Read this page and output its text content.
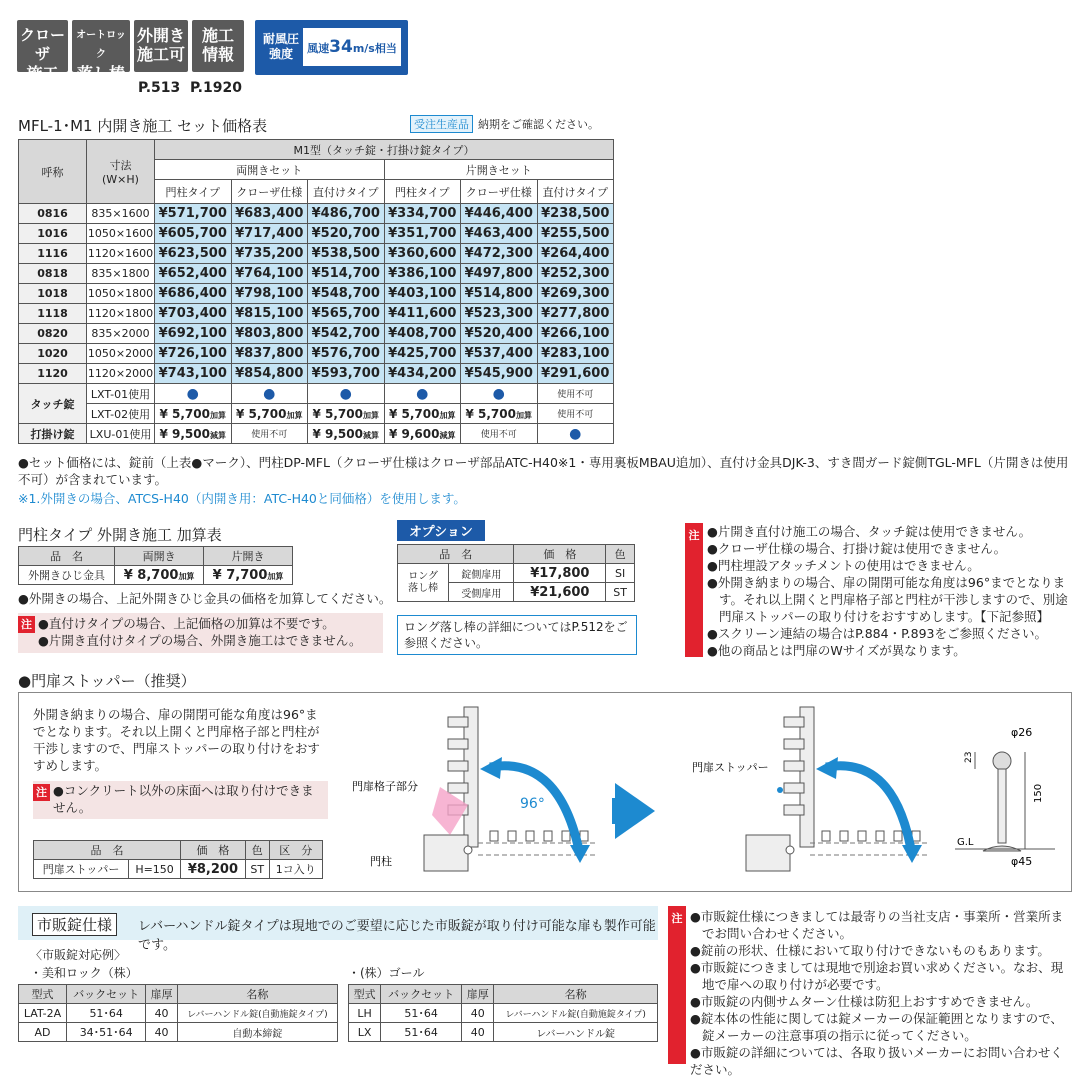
クローザ
施工
オートロック
落し棒
外開き
施工可
施工
情報
耐風圧
強度	風速34m/s相当
P.513  P.1920
MFL-1･M1 内開き施工 セット価格表	受注生産品 納期をご確認ください。
呼称	寸法
(W×H)	M1型（タッチ錠・打掛け錠タイプ）					
		両開きセット			片開きセット		
		門柱タイプ	クローザ仕様	直付けタイプ	門柱タイプ	クローザ仕様	直付けタイプ
0816	835×1600	¥571,700	¥683,400	¥486,700	¥334,700	¥446,400	¥238,500
1016	1050×1600	¥605,700	¥717,400	¥520,700	¥351,700	¥463,400	¥255,500
1116	1120×1600	¥623,500	¥735,200	¥538,500	¥360,600	¥472,300	¥264,400
0818	835×1800	¥652,400	¥764,100	¥514,700	¥386,100	¥497,800	¥252,300
1018	1050×1800	¥686,400	¥798,100	¥548,700	¥403,100	¥514,800	¥269,300
1118	1120×1800	¥703,400	¥815,100	¥565,700	¥411,600	¥523,300	¥277,800
0820	835×2000	¥692,100	¥803,800	¥542,700	¥408,700	¥520,400	¥266,100
1020	1050×2000	¥726,100	¥837,800	¥576,700	¥425,700	¥537,400	¥283,100
1120	1120×2000	¥743,100	¥854,800	¥593,700	¥434,200	¥545,900	¥291,600
タッチ錠	LXT-01使用	●	●	●	●	●	使用不可
	LXT-02使用	¥ 5,700加算	¥ 5,700加算	¥ 5,700加算	¥ 5,700加算	¥ 5,700加算	使用不可
打掛け錠	LXU-01使用	¥ 9,500減算	使用不可	¥ 9,500減算	¥ 9,600減算	使用不可	●
●セット価格には、錠前（上表●マーク）、門柱DP-MFL（クローザ仕様はクローザ部品ATC-H40※1・専用裏板MBAU追加）、直付け金具DJK-3、すき間ガード錠側TGL-MFL（片開きは使用不可）が含まれています。
※1.外開きの場合、ATCS-H40（内開き用：ATC-H40と同価格）を使用します。
門柱タイプ 外開き施工 加算表
品　名	両開き	片開き
外開きひじ金具	¥ 8,700加算	¥ 7,700加算
●外開きの場合、上記外開きひじ金具の価格を加算してください。
注 ●直付けタイプの場合、上記価格の加算は不要です。
●片開き直付けタイプの場合、外開き施工はできません。
オプション
品　名		価　格	色
ロング
落し棒	錠側扉用	¥17,800	SI
	受側扉用	¥21,600	ST
ロング落し棒の詳細についてはP.512をご参照ください。
注 ●片開き直付け施工の場合、タッチ錠は使用できません。
●クローザ仕様の場合、打掛け錠は使用できません。
●門柱埋設アタッチメントの使用はできません。
●外開き納まりの場合、扉の開閉可能な角度は96°までとなります。それ以上開くと門扉格子部と門柱が干渉しますので、別途門扉ストッパーの取り付けをおすすめします。【下記参照】
●スクリーン連結の場合はP.884・P.893をご参照ください。
●他の商品とは門扉のWサイズが異なります。
●門扉ストッパー（推奨）
外開き納まりの場合、扉の開閉可能な角度は96°までとなります。それ以上開くと門扉格子部と門柱が干渉しますので、門扉ストッパーの取り付けをおすすめします。
注 ●コンクリート以外の床面へは取り付けできません。
品　名		価　格	色	区　分
門扉ストッパー	H=150	¥8,200	ST	1コ入り
門扉格子部分
96°
門柱
門扉ストッパー
φ26
23
150
G.L
φ45
市販錠仕様	レバーハンドル錠タイプは現地でのご要望に応じた市販錠が取り付け可能な扉も製作可能です。
〈市販錠対応例〉
・美和ロック（株）	・(株）ゴール
型式	バックセット	扉厚	名称
LAT-2A	51･64	40	レバーハンドル錠(自動施錠タイプ)
AD	34･51･64	40	自動本締錠
型式	バックセット	扉厚	名称
LH	51･64	40	レバーハンドル錠(自動施錠タイプ)
LX	51･64	40	レバーハンドル錠
注 ●市販錠仕様につきましては最寄りの当社支店・事業所・営業所までお問い合わせください。
●錠前の形状、仕様において取り付けできないものもあります。
●市販錠につきましては現地で別途お買い求めください。なお、現地で扉への取り付けが必要です。
●市販錠の内側サムターン仕様は防犯上おすすめできません。
●錠本体の性能に関しては錠メーカーの保証範囲となりますので、錠メーカーの注意事項の指示に従ってください。
●市販錠の詳細については、各取り扱いメーカーにお問い合わせください。
